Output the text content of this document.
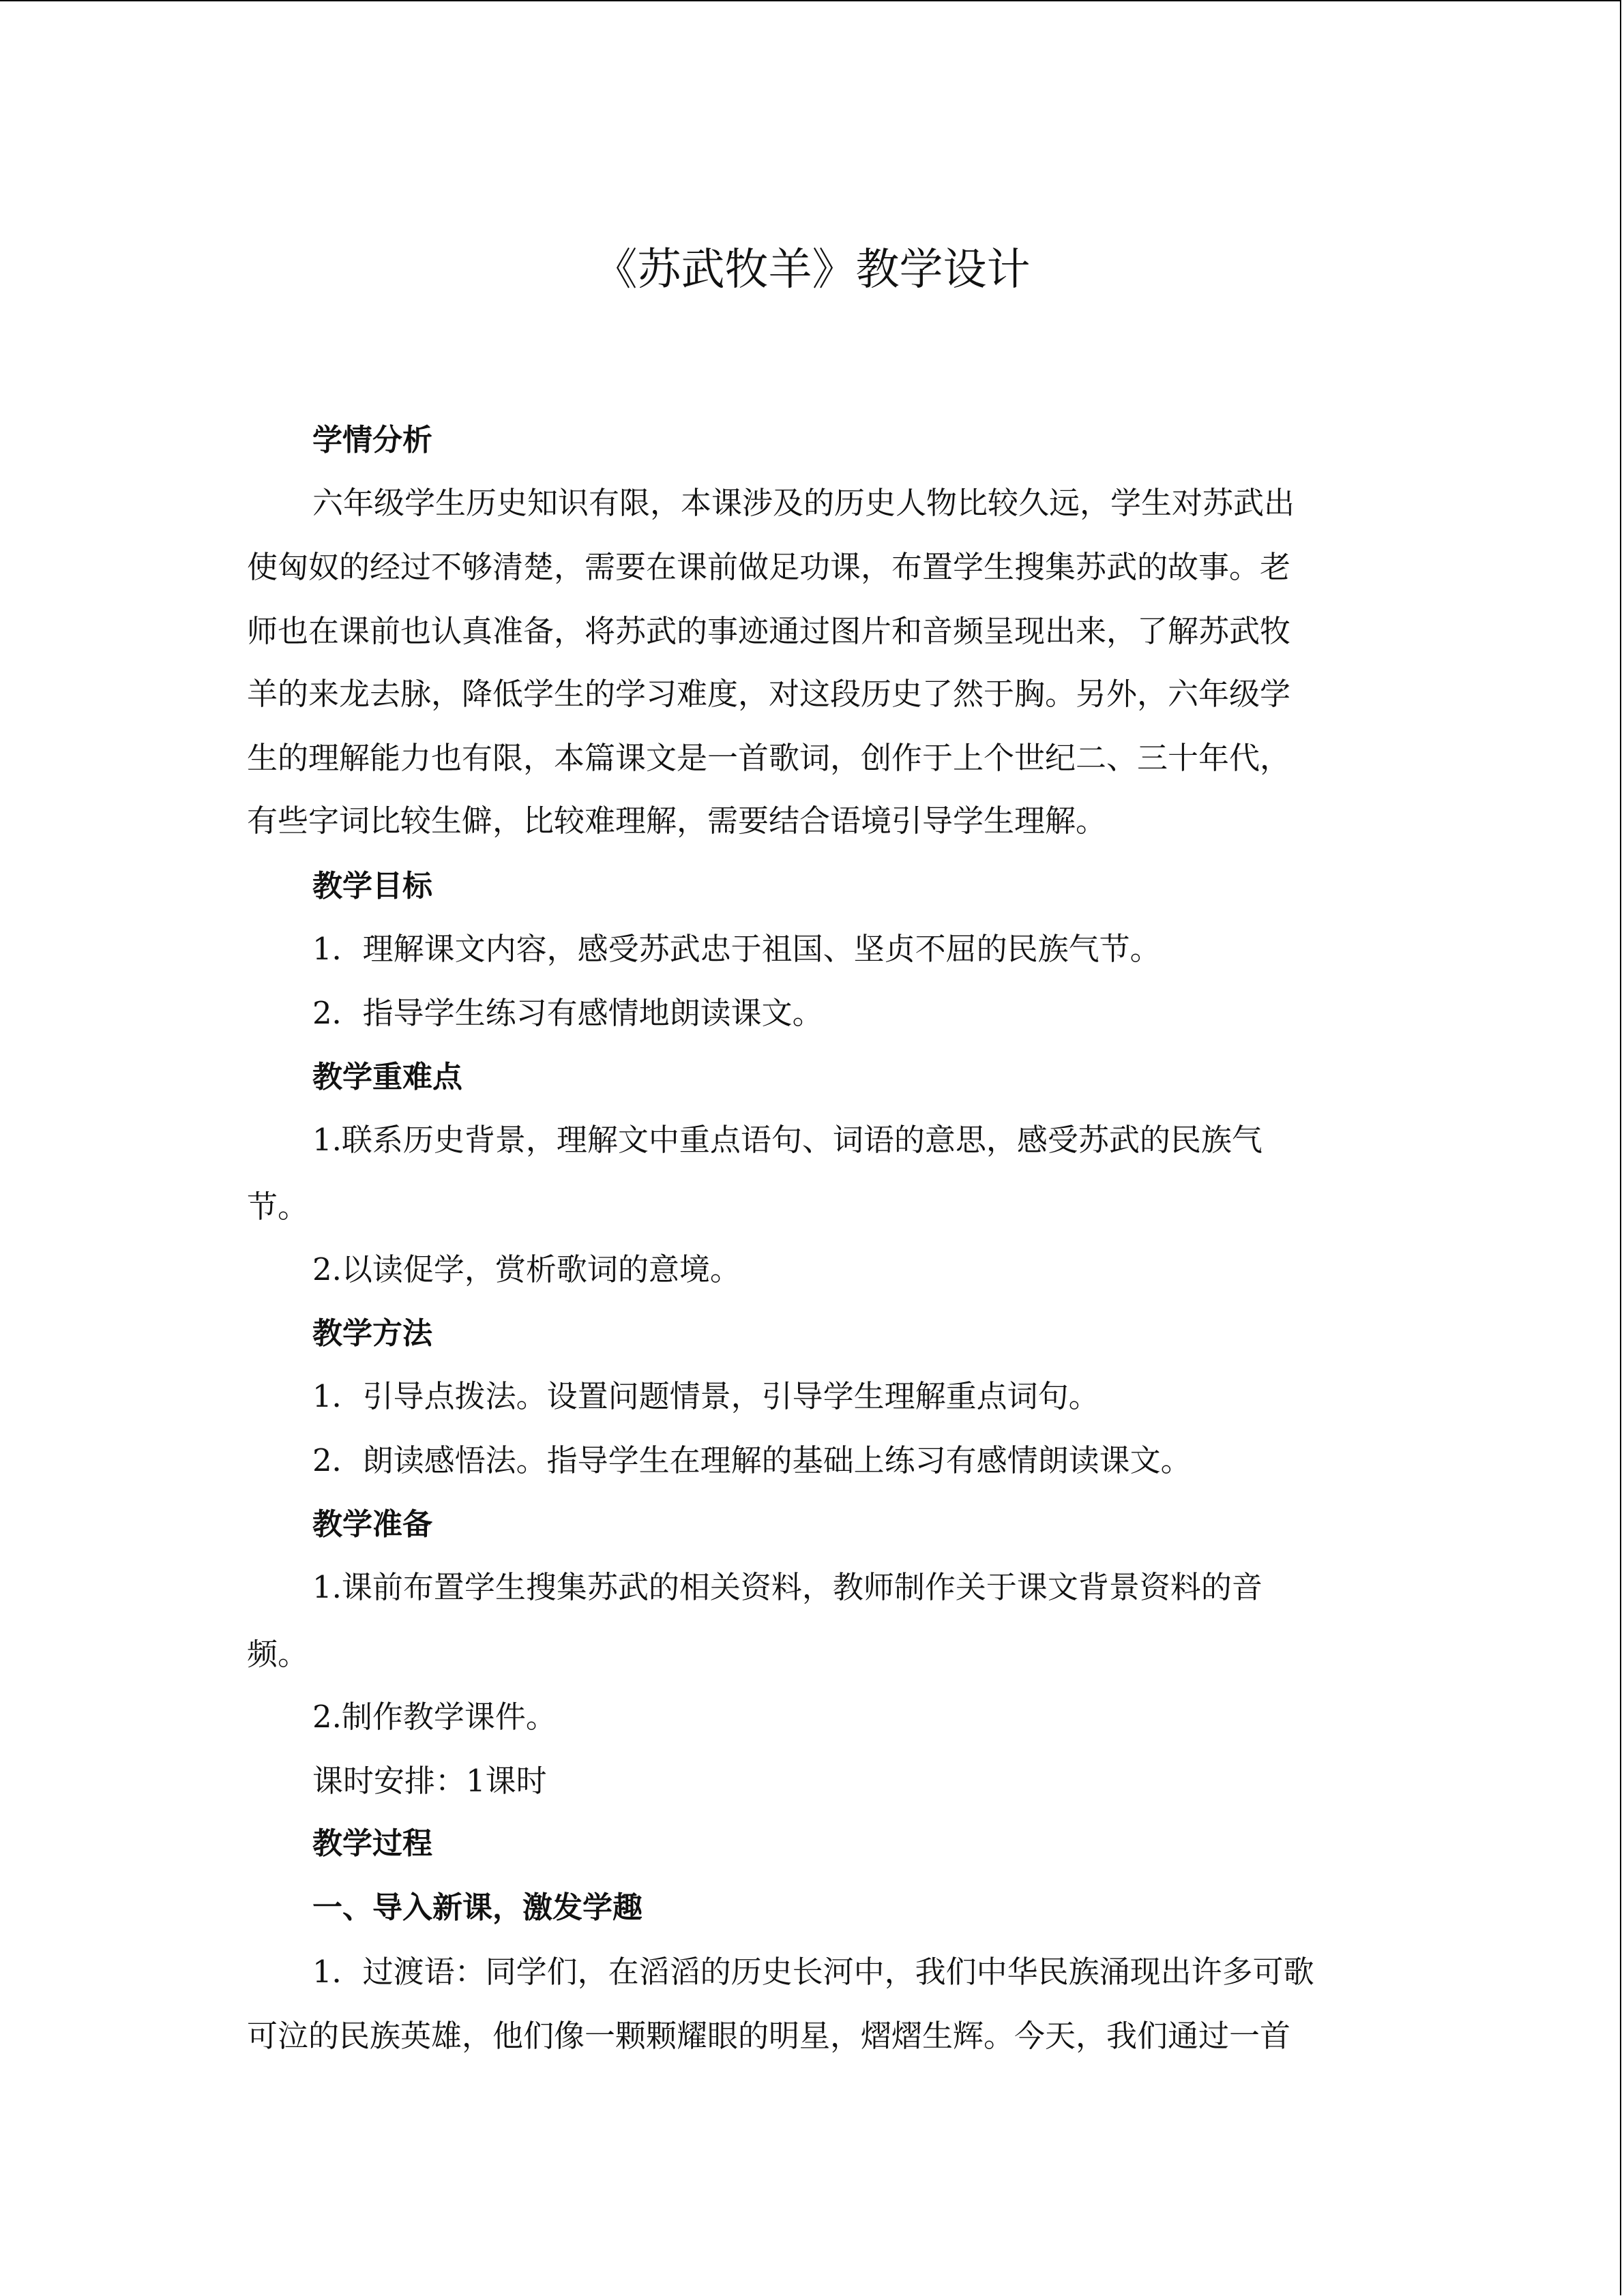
《苏武牧羊》教学设计

学情分析

六年级学生历史知识有限，本课涉及的历史人物比较久远，学生对苏武出

使匈奴的经过不够清楚，需要在课前做足功课，布置学生搜集苏武的故事。老

师也在课前也认真准备，将苏武的事迹通过图片和音频呈现出来，了解苏武牧

羊的来龙去脉，降低学生的学习难度，对这段历史了然于胸。另外，六年级学

生的理解能力也有限，本篇课文是一首歌词，创作于上个世纪二、三十年代，

有些字词比较生僻，比较难理解，需要结合语境引导学生理解。

教学目标

1．理解课文内容，感受苏武忠于祖国、坚贞不屈的民族气节。

2．指导学生练习有感情地朗读课文。

教学重难点

1.联系历史背景，理解文中重点语句、词语的意思，感受苏武的民族气

节。

2.以读促学，赏析歌词的意境。

教学方法

1．引导点拨法。设置问题情景，引导学生理解重点词句。

2．朗读感悟法。指导学生在理解的基础上练习有感情朗读课文。

教学准备

1.课前布置学生搜集苏武的相关资料，教师制作关于课文背景资料的音

频。

2.制作教学课件。

课时安排：1课时

教学过程

一、导入新课，激发学趣

1．过渡语：同学们，在滔滔的历史长河中，我们中华民族涌现出许多可歌

可泣的民族英雄，他们像一颗颗耀眼的明星，熠熠生辉。今天，我们通过一首
